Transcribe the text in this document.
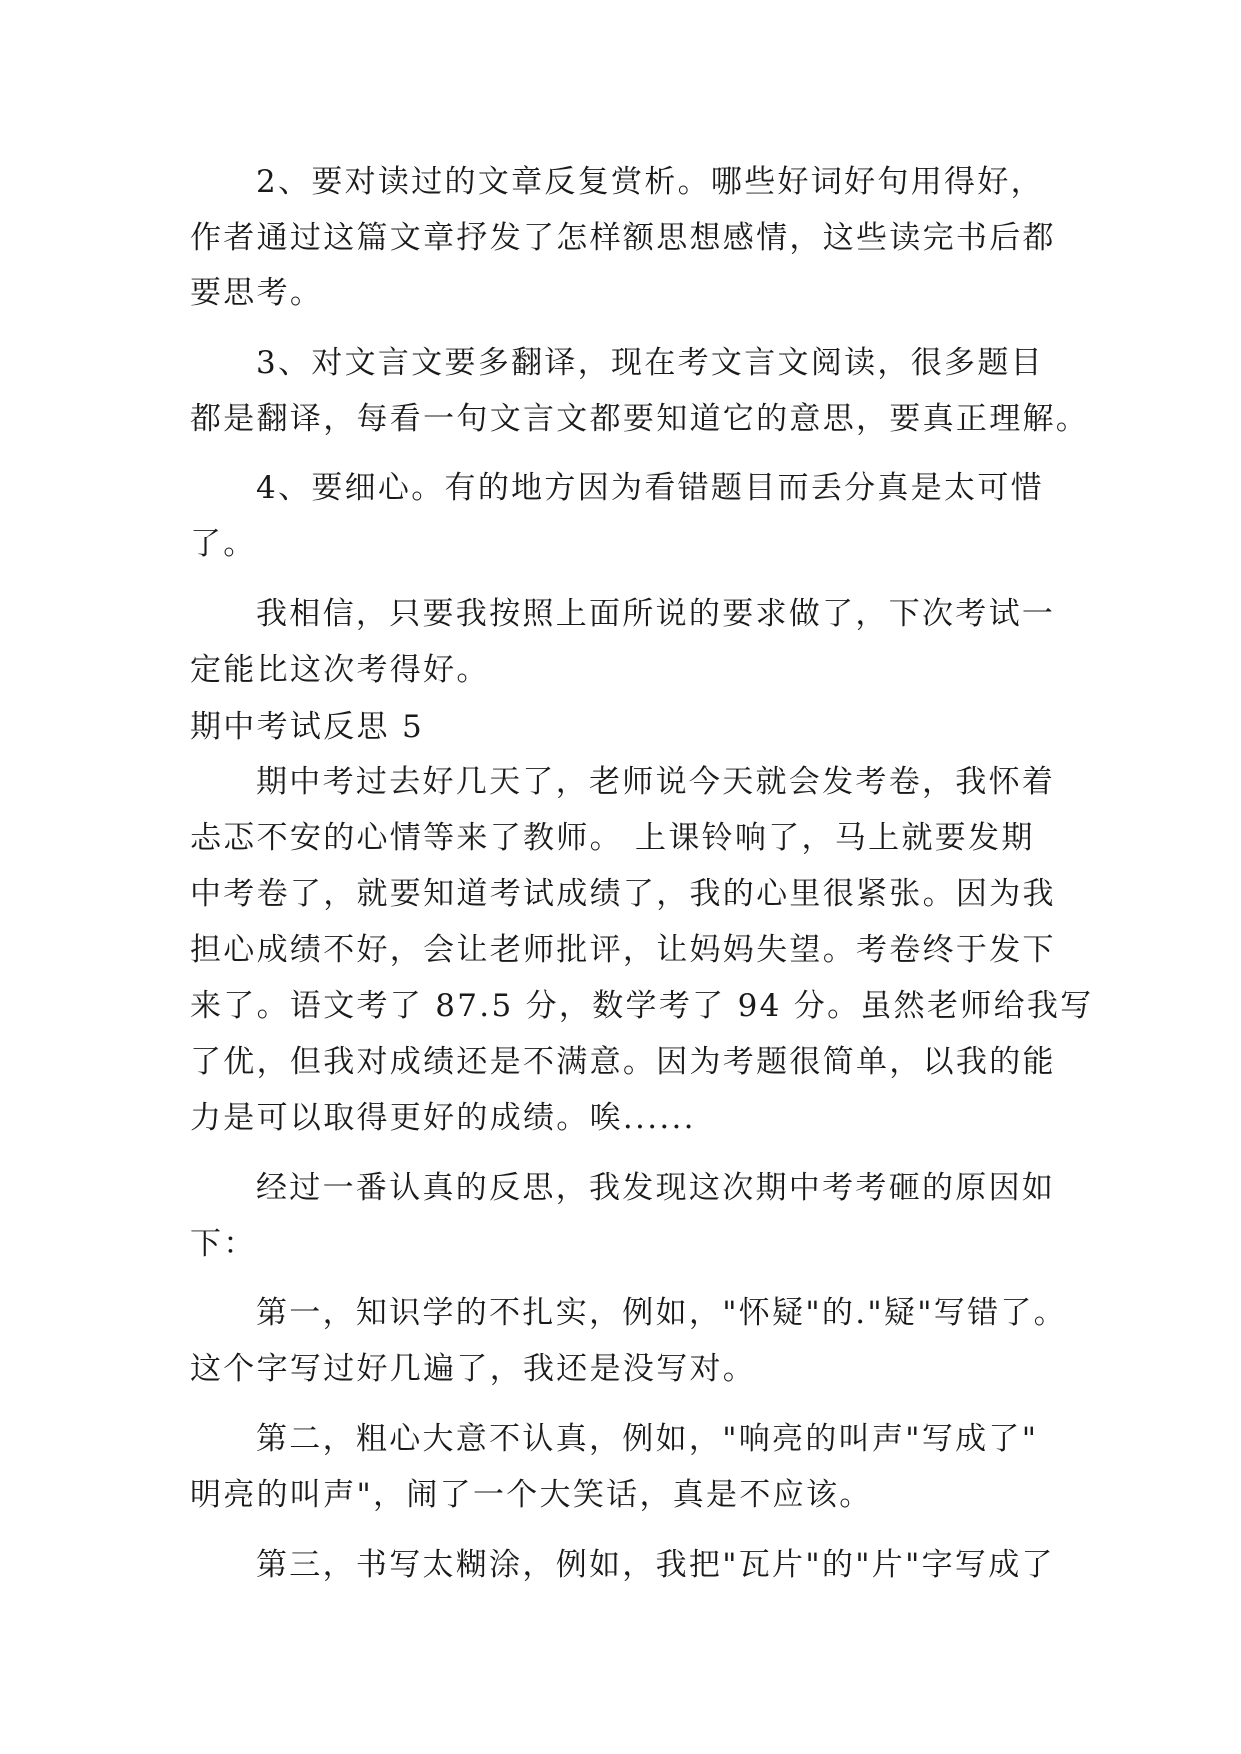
2、要对读过的文章反复赏析。哪些好词好句用得好，
作者通过这篇文章抒发了怎样额思想感情，这些读完书后都
要思考。
3、对文言文要多翻译，现在考文言文阅读，很多题目
都是翻译，每看一句文言文都要知道它的意思，要真正理解。
4、要细心。有的地方因为看错题目而丢分真是太可惜
了。
我相信，只要我按照上面所说的要求做了，下次考试一
定能比这次考得好。
期中考试反思 5
期中考过去好几天了，老师说今天就会发考卷，我怀着
忐忑不安的心情等来了教师。 上课铃响了，马上就要发期
中考卷了，就要知道考试成绩了，我的心里很紧张。因为我
担心成绩不好，会让老师批评，让妈妈失望。考卷终于发下
来了。语文考了 87.5 分，数学考了 94 分。虽然老师给我写
了优，但我对成绩还是不满意。因为考题很简单，以我的能
力是可以取得更好的成绩。唉......
经过一番认真的反思，我发现这次期中考考砸的原因如
下：
第一，知识学的不扎实，例如，"怀疑"的."疑"写错了。
这个字写过好几遍了，我还是没写对。
第二，粗心大意不认真，例如，"响亮的叫声"写成了"
明亮的叫声"，闹了一个大笑话，真是不应该。
第三，书写太糊涂，例如，我把"瓦片"的"片"字写成了
